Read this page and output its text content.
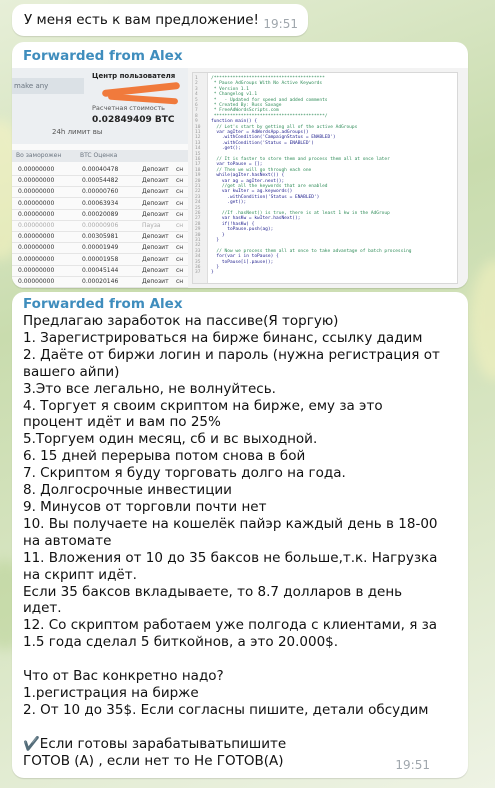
У меня есть к вам предложение! 19:51
Forwarded from Alex
make any
Центр пользователя
Расчетная стоимость
0.02849409 BTC
24h лимит вы
Во заморожен	BTC Оценка
0.00000000	0.00040478	Депозит сн
0.00000000	0.00054482	Депозит сн
0.00000000	0.00000760	Депозит сн
0.00000000	0.00063934	Депозит сн
0.00000000	0.00020089	Депозит сн
0.00000000	0.00000906	Пауза	сн
0.00000000	0.00305981	Депозит сн
0.00000000	0.00001949	Депозит сн
0.00000000	0.00001958	Депозит сн
0.00000000	0.00045144	Депозит сн
0.00000000	0.00020146	Депозит сн
1
2
3
4
5
6
7
8
9
10
11
12
13
14
15
16
17
18
19
20
21
22
23
24
25
26
27
28
29
30
31
32
33
34
35
36
37
/*****************************************
* Pause AdGroups With No Active Keywords
* Version 1.1
* Changelog v1.1
*   - Updated for speed and added comments
* Created By: Russ Savage
* FreeAdWordsScripts.com
*****************************************/
function main() {
// Let's start by getting all of the active AdGroups
var agIter = AdWordsApp.adGroups()
.withCondition('CampaignStatus = ENABLED')
.withCondition('Status = ENABLED')
.get();
// It is faster to store them and process them all at once later
var toPause = [];
// Then we will go through each one
while(agIter.hasNext()) {
var ag = agIter.next();
//get all the keywords that are enabled
var kwIter = ag.keywords()
.withCondition('Status = ENABLED')
.get();
//If .hasNext() is true, there is at least 1 kw in the AdGroup
var hasKw = kwIter.hasNext();
if(!hasKw) {
toPause.push(ag);
}
}
// Now we process them all at once to take advantage of batch processing
for(var i in toPause) {
toPause[i].pause();
}
}
Forwarded from Alex
Предлагаю заработок на пассиве(Я торгую)
1. Зарегистрироваться на бирже бинанс, ссылку дадим
2. Даёте от биржи логин и пароль (нужна регистрация от
вашего айпи)
3.Это все легально, не волнуйтесь.
4. Торгует я своим скриптом на бирже, ему за это
процент идёт и вам по 25%
5.Торгуем один месяц, сб и вс выходной.
6. 15 дней перерыва потом снова в бой
7. Скриптом я буду торговать долго на года.
8. Долгосрочные инвестиции
9. Минусов от торговли почти нет
10. Вы получаете на кошелёк пайэр каждый день в 18-00
на автомате
11. Вложения от 10 до 35 баксов не больше,т.к. Нагрузка
на скрипт идёт.
Если 35 баксов вкладываете, то 8.7 долларов в день
идет.
12. Со скриптом работаем уже полгода с клиентами, я за
1.5 года сделал 5 биткойнов, а это 20.000$.

Что от Вас конкретно надо?
1.регистрация на бирже
2. От 10 до 35$. Если согласны пишите, детали обсудим

✔️Если готовы зарабатыватьпишите
ГОТОВ (А) , если нет то Не ГОТОВ(А)	19:51
